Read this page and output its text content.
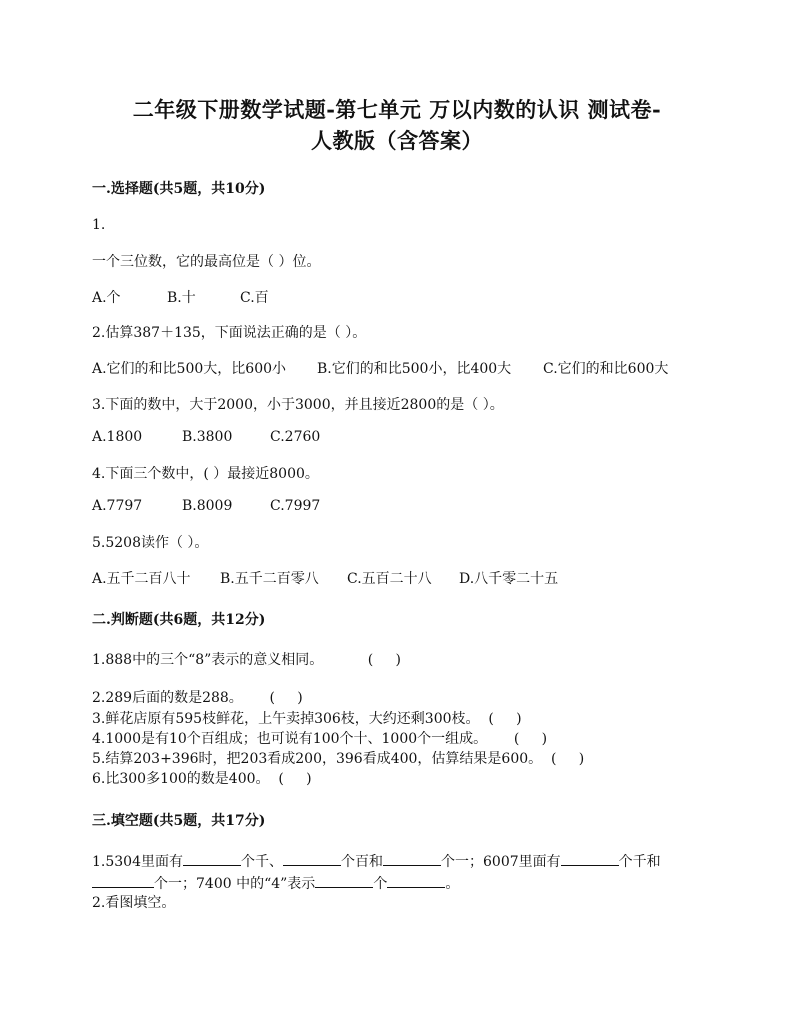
二年级下册数学试题-第七单元 万以内数的认识 测试卷-
人教版（含答案）
一.选择题(共5题，共10分)
1.
一个三位数，它的最高位是（ ）位。
A.个	B.十	C.百
2.估算387＋135，下面说法正确的是（ ）。
A.它们的和比500大，比600小 B.它们的和比500小，比400大 C.它们的和比600大
3.下面的数中，大于2000，小于3000，并且接近2800的是（ ）。
A.1800	B.3800	C.2760
4.下面三个数中，( ）最接近8000。
A.7797	B.8009	C.7997
5.5208读作（ ）。
A.五千二百八十 B.五千二百零八 C.五百二十八 D.八千零二十五
二.判断题(共6题，共12分)
1.888中的三个“8”表示的意义相同。          (     )
2.289后面的数是288。      (     )
3.鲜花店原有595枝鲜花，上午卖掉306枝，大约还剩300枝。  (     )
4.1000是有10个百组成；也可说有100个十、1000个一组成。      (     )
5.结算203+396时，把203看成200，396看成400，估算结果是600。  (     )
6.比300多100的数是400。  (     )
三.填空题(共5题，共17分)
1.5304里面有	个千、	个百和	个一；6007里面有	个千和
个一；7400 中的“4”表示	个	。
2.看图填空。
